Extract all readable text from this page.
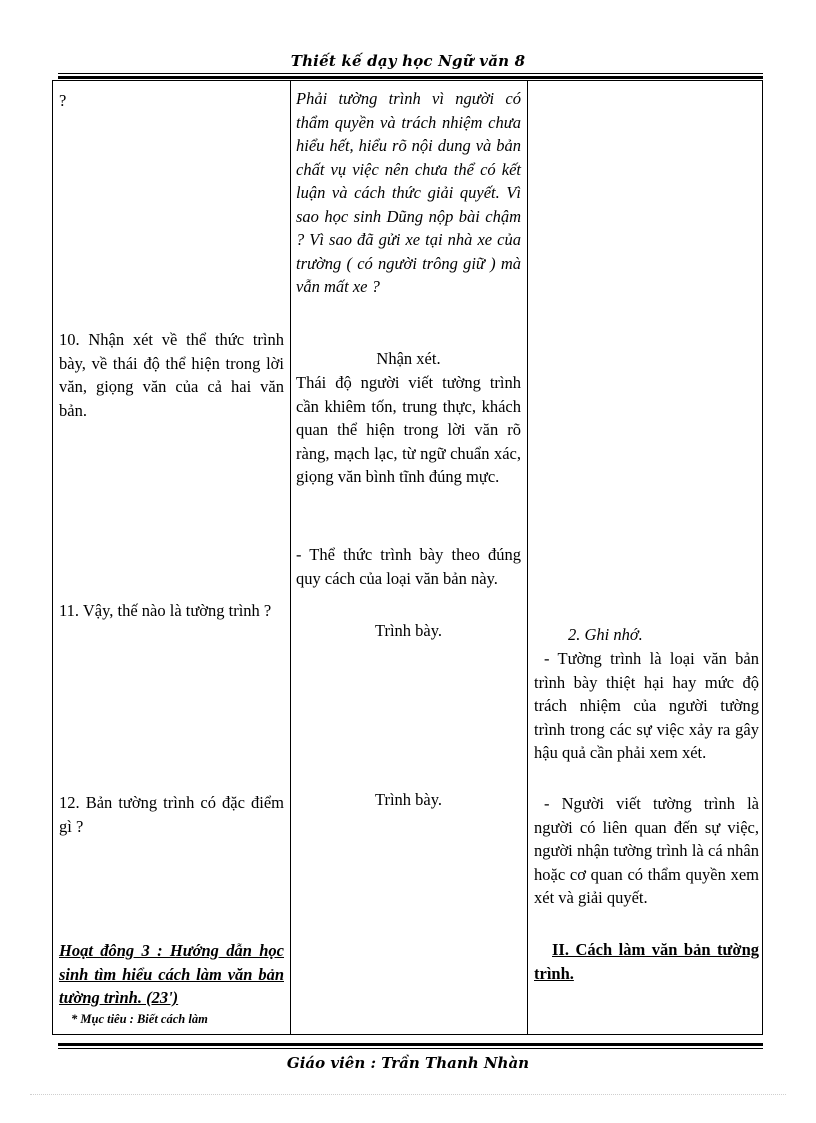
Thiết kế dạy học Ngữ văn 8

?

10. Nhận xét về thể thức trình bày, về thái độ thể hiện trong lời văn, giọng văn của cả hai văn bản.

11. Vậy, thế nào là tường trình ?

12. Bản tường trình có đặc điểm gì ?

Hoạt đông 3 : Hướng dẫn học sinh tìm hiểu cách làm văn bản tường trình. (23')

* Mục tiêu : Biết cách làm

Phải tường trình vì người có thẩm quyền và trách nhiệm chưa hiểu hết, hiểu rõ nội dung và bản chất vụ việc nên chưa thể có kết luận và cách thức giải quyết. Vì sao học sinh Dũng nộp bài chậm ? Vì sao đã gửi xe tại nhà xe của trường ( có người trông giữ ) mà vẫn mất xe ?

Nhận xét.

Thái độ người viết tường trình cần khiêm tốn, trung thực, khách quan thể hiện trong lời văn rõ ràng, mạch lạc, từ ngữ chuẩn xác, giọng văn bình tĩnh đúng mực.

- Thể thức trình bày theo đúng quy cách của loại văn bản này.

Trình bày.

Trình bày.

2. Ghi nhớ.

- Tường trình là loại văn bản trình bày thiệt hại hay mức độ trách nhiệm của người tường trình trong các sự việc xảy ra gây hậu quả cần phải xem xét.

- Người viết tường trình là người có liên quan đến sự việc, người nhận tường trình là cá nhân hoặc cơ quan có thẩm quyền xem xét và giải quyết.

II. Cách làm văn bản tường trình.

Giáo viên : Trần Thanh Nhàn
